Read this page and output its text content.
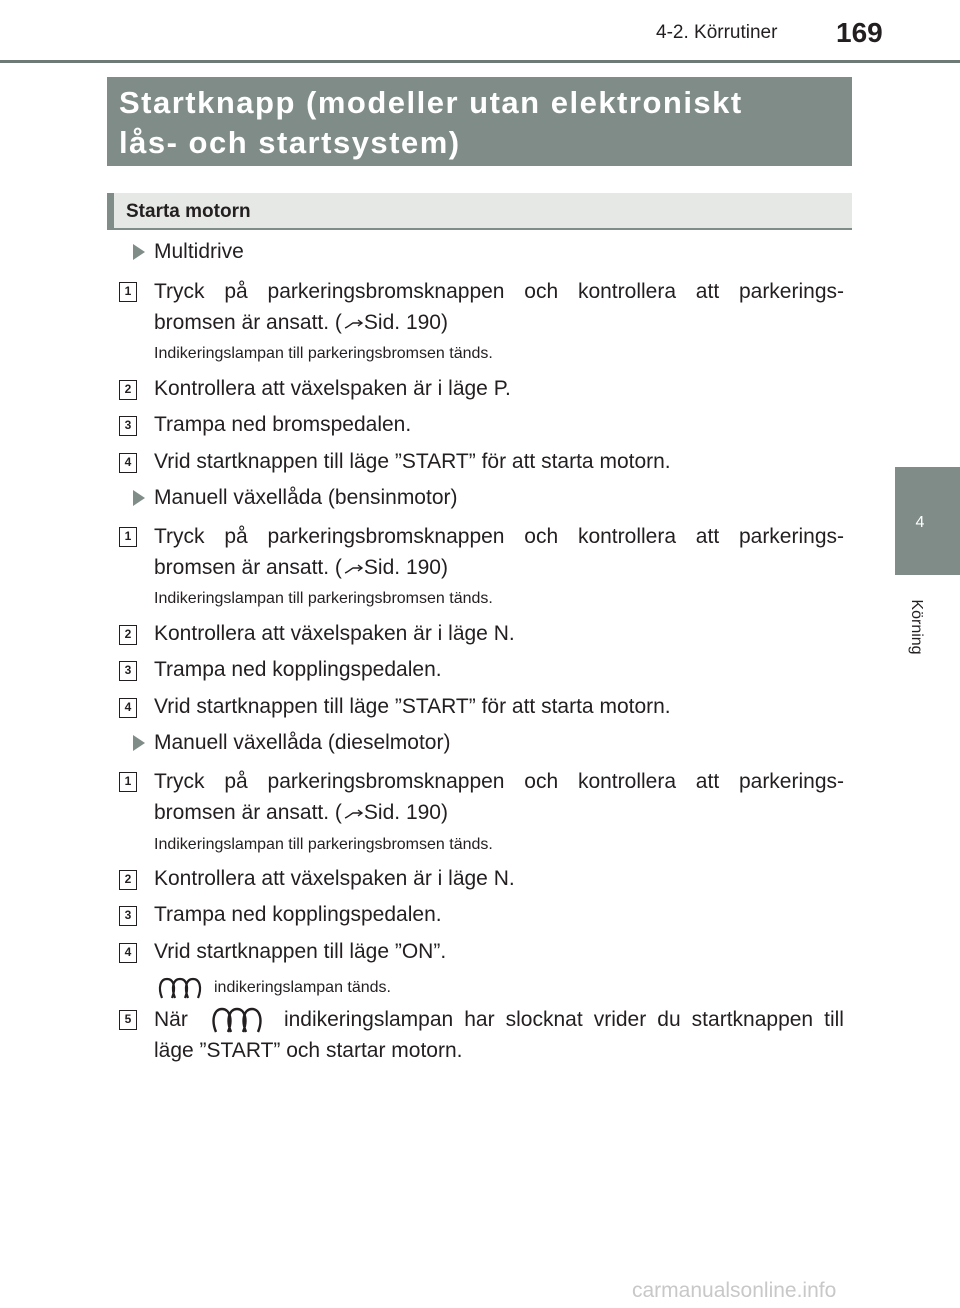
4-2. Körrutiner 169
4
Körning
Startknapp (modeller utan elektroniskt
lås- och startsystem)
Starta motorn
Multidrive
1 Tryck på parkeringsbromsknappen och kontrollera att parkerings- bromsen är ansatt. ( Sid. 190)
Indikeringslampan till parkeringsbromsen tänds.
2 Kontrollera att växelspaken är i läge P.
3 Trampa ned bromspedalen.
4 Vrid startknappen till läge ”START” för att starta motorn.
Manuell växellåda (bensinmotor)
1 Tryck på parkeringsbromsknappen och kontrollera att parkerings- bromsen är ansatt. ( Sid. 190)
Indikeringslampan till parkeringsbromsen tänds.
2 Kontrollera att växelspaken är i läge N.
3 Trampa ned kopplingspedalen.
4 Vrid startknappen till läge ”START” för att starta motorn.
Manuell växellåda (dieselmotor)
1 Tryck på parkeringsbromsknappen och kontrollera att parkerings- bromsen är ansatt. ( Sid. 190)
Indikeringslampan till parkeringsbromsen tänds.
2 Kontrollera att växelspaken är i läge N.
3 Trampa ned kopplingspedalen.
4 Vrid startknappen till läge ”ON”.
indikeringslampan tänds.
5 När	indikeringslampan har slocknat vrider du startknappen till läge ”START” och startar motorn.
carmanualsonline.info
